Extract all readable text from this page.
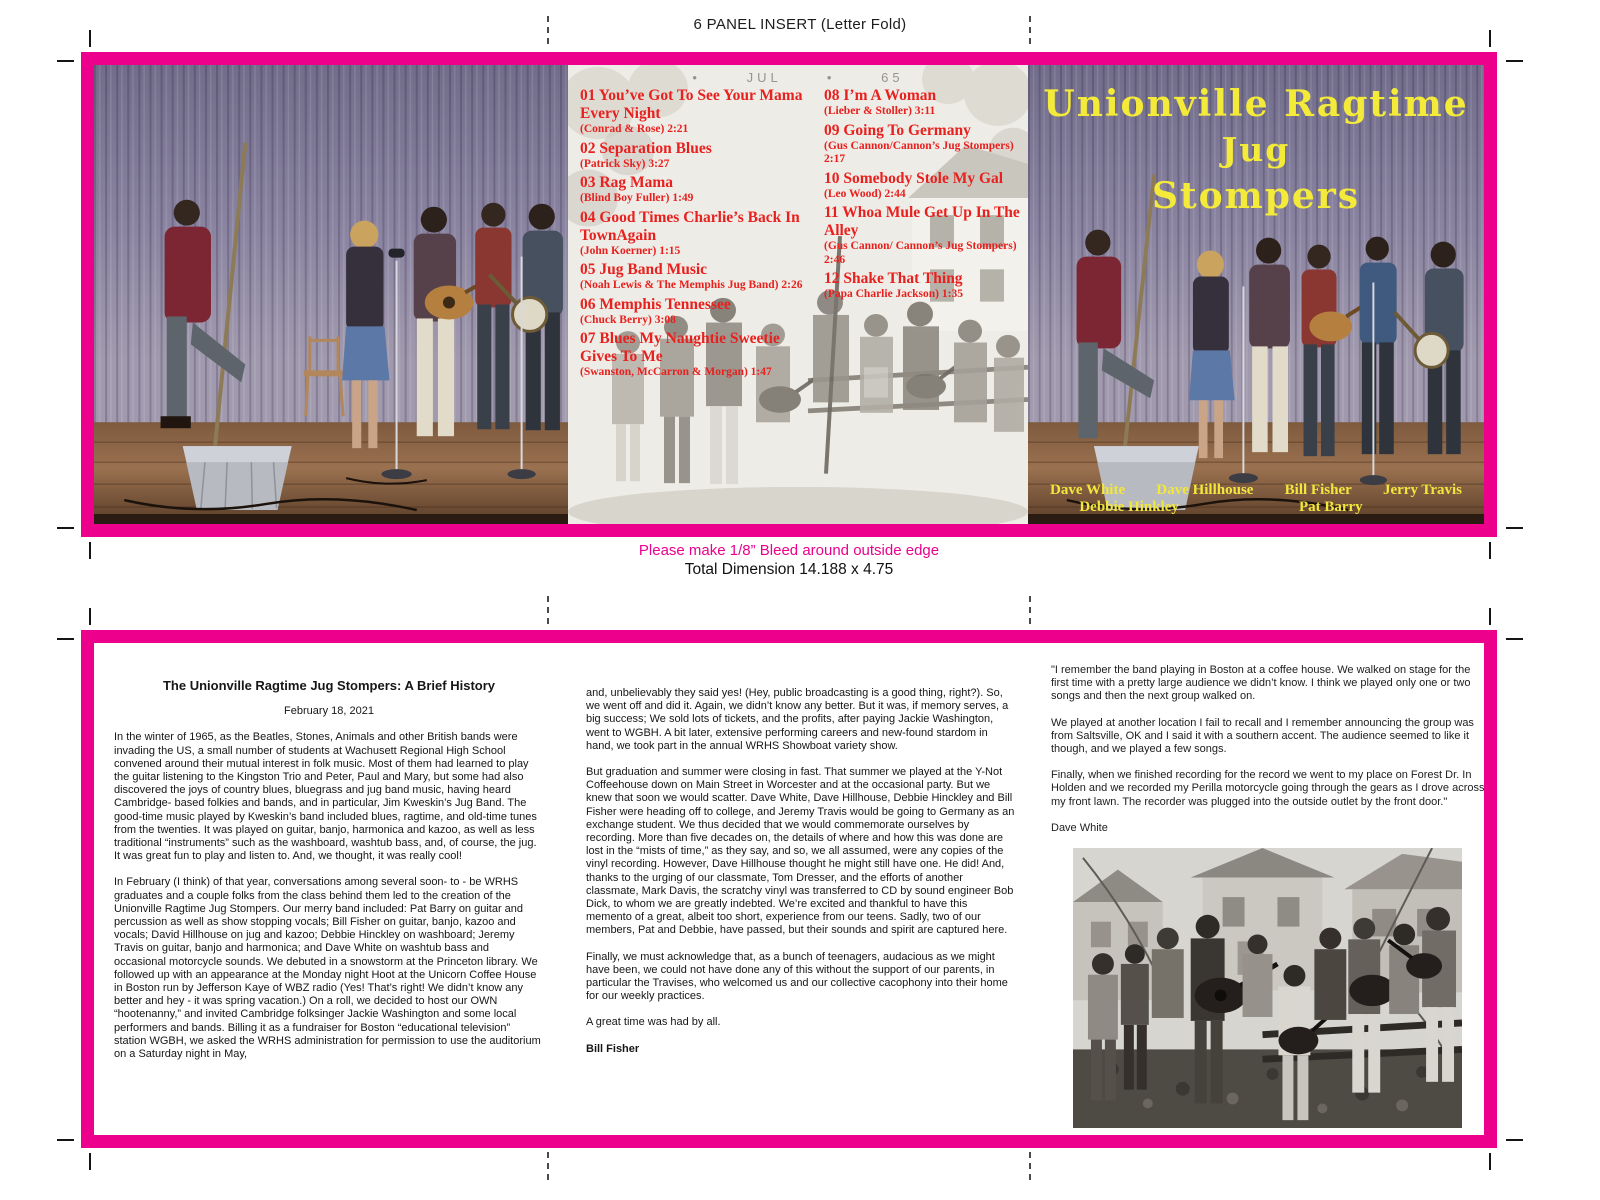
6 PANEL INSERT (Letter Fold)
•      JUL      •      65
01 You’ve Got To See Your Mama Every Night
(Conrad & Rose) 2:21
02 Separation Blues
(Patrick Sky) 3:27
03 Rag Mama
(Blind Boy Fuller) 1:49
04 Good Times Charlie’s Back In TownAgain
(John Koerner) 1:15
05 Jug Band Music
(Noah Lewis & The Memphis Jug Band) 2:26
06 Memphis Tennessee
(Chuck Berry) 3:08
07 Blues My Naughtie Sweetie Gives To Me
(Swanston, McCarron & Morgan) 1:47
08 I’m A Woman
(Lieber & Stoller) 3:11
09 Going To Germany
(Gus Cannon/Cannon’s Jug Stompers) 2:17
10 Somebody Stole My Gal
(Leo Wood) 2:44
11 Whoa Mule Get Up In The Alley
(Gus Cannon/ Cannon’s Jug Stompers) 2:46
12 Shake That Thing
(Papa Charlie Jackson) 1:35
Unionville Ragtime
Jug
Stompers
Dave White Dave Hillhouse Bill Fisher Jerry Travis
Debbie Hinkley	Pat Barry
Please make 1/8” Bleed around outside edge
Total Dimension 14.188 x 4.75

The Unionville Ragtime Jug Stompers: A Brief History

February 18, 2021

In the winter of 1965, as the Beatles, Stones, Animals and other British bands were invading the US, a small number of students at Wachusett Regional High School convened around their mutual interest in folk music. Most of them had learned to play the guitar listening to the Kingston Trio and Peter, Paul and Mary, but some had also discovered the joys of country blues, bluegrass and jug band music, having heard Cambridge- based folkies and bands, and in particular, Jim Kweskin’s Jug Band. The good-time music played by Kweskin’s band included blues, ragtime, and old-time tunes from the twenties. It was played on guitar, banjo, harmonica and kazoo, as well as less traditional “instruments” such as the washboard, washtub bass, and, of course, the jug. It was great fun to play and listen to. And, we thought, it was really cool!

In February (I think) of that year, conversations among several soon- to - be WRHS graduates and a couple folks from the class behind them led to the creation of the Unionville Ragtime Jug Stompers. Our merry band included: Pat Barry on guitar and percussion as well as show stopping vocals; Bill Fisher on guitar, banjo, kazoo and vocals; David Hillhouse on jug and kazoo; Debbie Hinckley on washboard; Jeremy Travis on guitar, banjo and harmonica; and Dave White on washtub bass and occasional motorcycle sounds. We debuted in a snowstorm at the Princeton library. We followed up with an appearance at the Monday night Hoot at the Unicorn Coffee House in Boston run by Jefferson Kaye of WBZ radio (Yes! That’s right! We didn’t know any better and hey - it was spring vacation.) On a roll, we decided to host our OWN “hootenanny,” and invited Cambridge folksinger Jackie Washington and some local performers and bands. Billing it as a fundraiser for Boston “educational television” station WGBH, we asked the WRHS administration for permission to use the auditorium on a Saturday night in May,

and, unbelievably they said yes! (Hey, public broadcasting is a good thing, right?). So, we went off and did it. Again, we didn’t know any better. But it was, if memory serves, a big success; We sold lots of tickets, and the profits, after paying Jackie Washington, went to WGBH. A bit later, extensive performing careers and new-found stardom in hand, we took part in the annual WRHS Showboat variety show.

But graduation and summer were closing in fast. That summer we played at the Y-Not Coffeehouse down on Main Street in Worcester and at the occasional party. But we knew that soon we would scatter. Dave White, Dave Hillhouse, Debbie Hinckley and Bill Fisher were heading off to college, and Jeremy Travis would be going to Germany as an exchange student. We thus decided that we would commemorate ourselves by recording. More than five decades on, the details of where and how this was done are lost in the “mists of time,” as they say, and so, we all assumed, were any copies of the vinyl recording. However, Dave Hillhouse thought he might still have one. He did! And, thanks to the urging of our classmate, Tom Dresser, and the efforts of another classmate, Mark Davis, the scratchy vinyl was transferred to CD by sound engineer Bob Dick, to whom we are greatly indebted. We’re excited and thankful to have this memento of a great, albeit too short, experience from our teens. Sadly, two of our members, Pat and Debbie, have passed, but their sounds and spirit are captured here.

Finally, we must acknowledge that, as a bunch of teenagers, audacious as we might have been, we could not have done any of this without the support of our parents, in particular the Travises, who welcomed us and our collective cacophony into their home for our weekly practices.

A great time was had by all.

Bill Fisher

"I remember the band playing in Boston at a coffee house. We walked on stage for the first time with a pretty large audience we didn’t know. I think we played only one or two songs and then the next group walked on.

We played at another location I fail to recall and I remember announcing the group was from Saltsville, OK and I said it with a southern accent. The audience seemed to like it though, and we played a few songs.

Finally, when we finished recording for the record we went to my place on Forest Dr. In Holden and we recorded my Perilla motorcycle going through the gears as I drove across my front lawn. The recorder was plugged into the outside outlet by the front door."

Dave White
